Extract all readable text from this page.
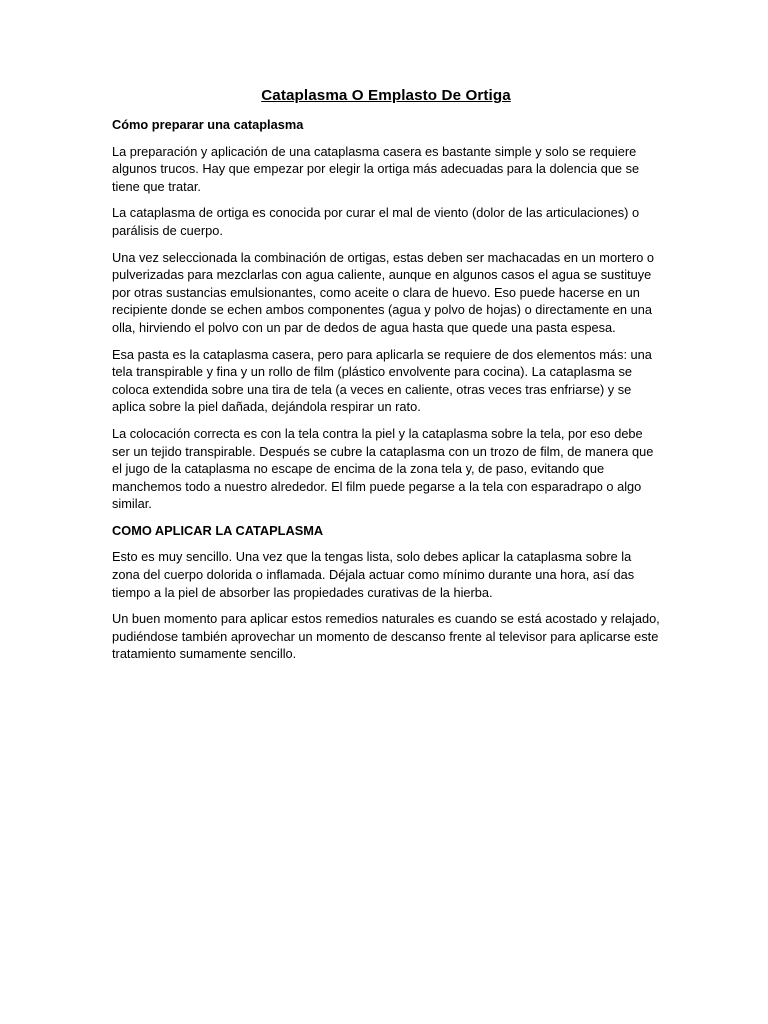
Cataplasma O Emplasto De Ortiga
Cómo preparar una cataplasma

La preparación y aplicación de una cataplasma casera es bastante simple y solo se requiere algunos trucos. Hay que empezar por elegir la ortiga más adecuadas para la dolencia que se tiene que tratar.

La cataplasma de ortiga es conocida por curar el mal de viento (dolor de las articulaciones) o parálisis de cuerpo.

Una vez seleccionada la combinación de ortigas, estas deben ser machacadas en un mortero o pulverizadas para mezclarlas con agua caliente, aunque en algunos casos el agua se sustituye por otras sustancias emulsionantes, como aceite o clara de huevo. Eso puede hacerse en un recipiente donde se echen ambos componentes (agua y polvo de hojas) o directamente en una olla, hirviendo el polvo con un par de dedos de agua hasta que quede una pasta espesa.

Esa pasta es la cataplasma casera, pero para aplicarla se requiere de dos elementos más: una tela transpirable y fina y un rollo de film (plástico envolvente para cocina). La cataplasma se coloca extendida sobre una tira de tela (a veces en caliente, otras veces tras enfriarse) y se aplica sobre la piel dañada, dejándola respirar un rato.

La colocación correcta es con la tela contra la piel y la cataplasma sobre la tela, por eso debe ser un tejido transpirable. Después se cubre la cataplasma con un trozo de film, de manera que el jugo de la cataplasma no escape de encima de la zona tela y, de paso, evitando que manchemos todo a nuestro alrededor. El film puede pegarse a la tela con esparadrapo o algo similar.

COMO APLICAR LA CATAPLASMA

Esto es muy sencillo. Una vez que la tengas lista, solo debes aplicar la cataplasma sobre la zona del cuerpo dolorida o inflamada. Déjala actuar como mínimo durante una hora, así das tiempo a la piel de absorber las propiedades curativas de la hierba.

Un buen momento para aplicar estos remedios naturales es cuando se está acostado y relajado, pudiéndose también aprovechar un momento de descanso frente al televisor para aplicarse este tratamiento sumamente sencillo.
